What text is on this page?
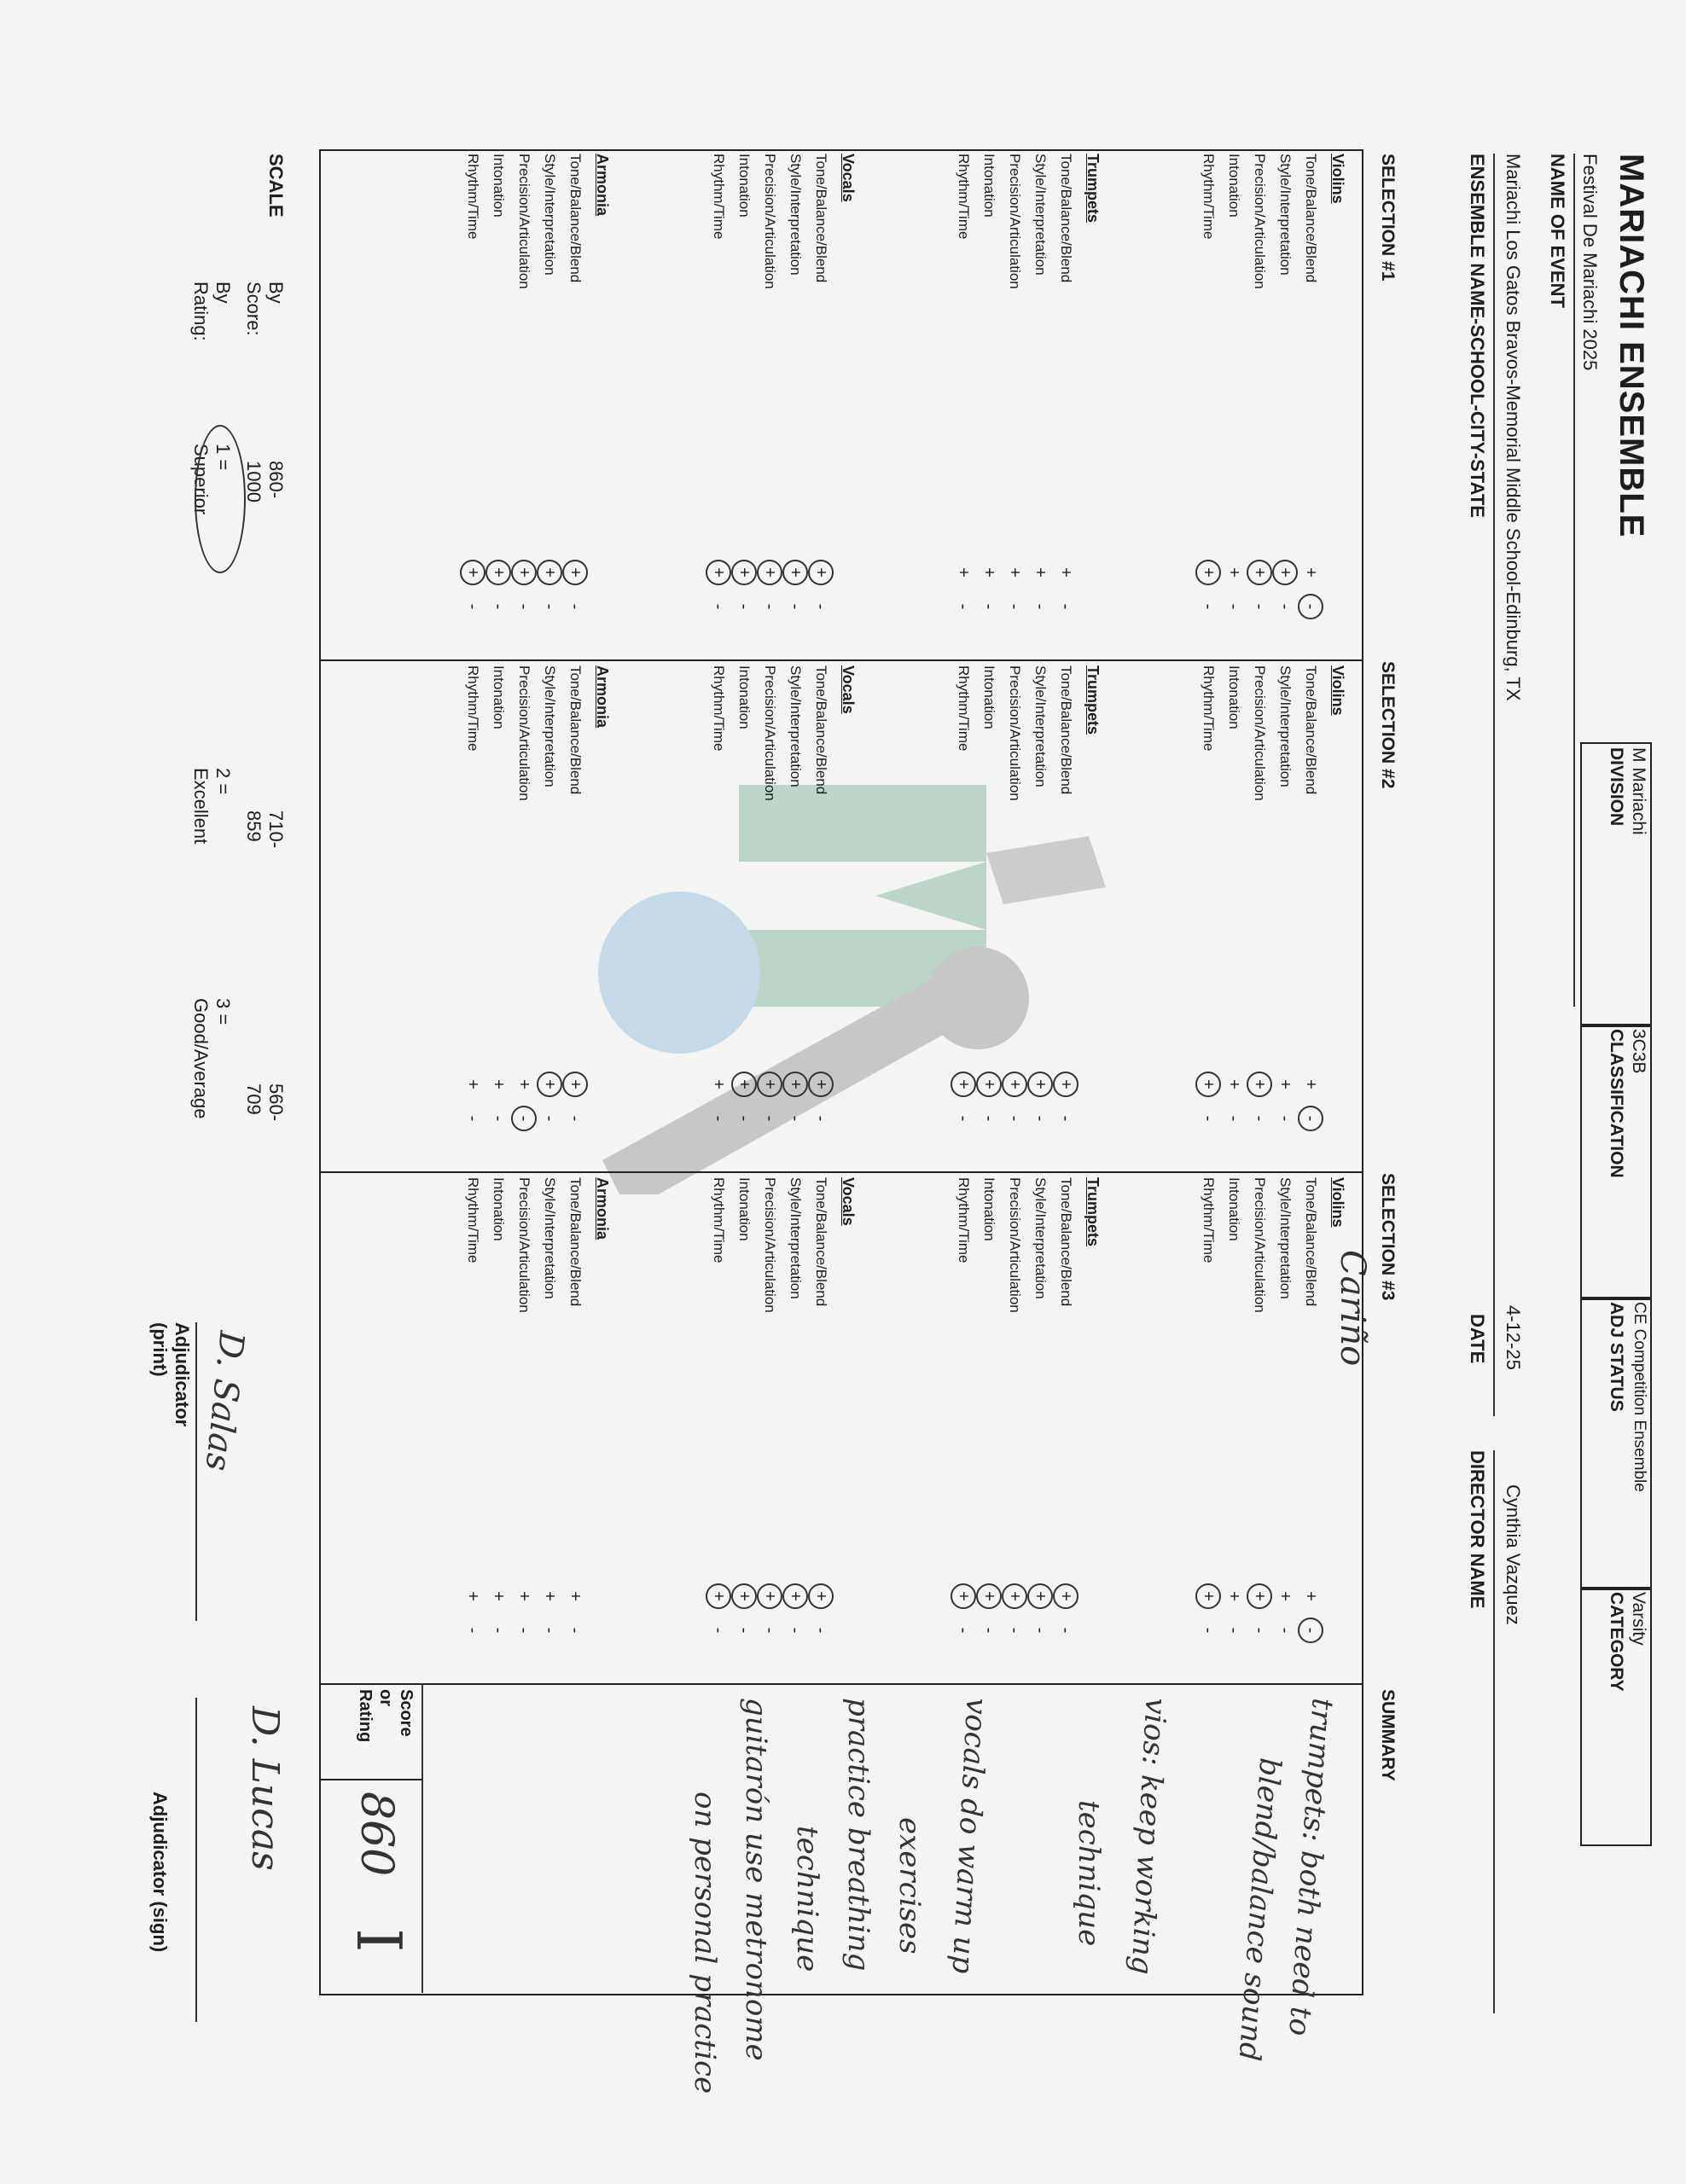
MARIACHI ENSEMBLE
Festival De Mariachi 2025
NAME OF EVENT
Mariachi Los Gatos Bravos-Memorial Middle School-Edinburg, TX
ENSEMBLE NAME-SCHOOL-CITY-STATE
4-12-25
DATE
Cynthia Vazquez
DIRECTOR NAME
M Mariachi
DIVISION
3C3B
CLASSIFICATION
CE Competition Ensemble
ADJ STATUS
Varsity
CATEGORY
SELECTION #1
SELECTION #2
SELECTION #3
SUMMARY
Cariño
Violins
Tone/Balance/Blend
+
-
Style/Interpretation
+
-
Precision/Articulation
+
-
Intonation
+
-
Rhythm/Time
+
-
Trumpets
Tone/Balance/Blend
+
-
Style/Interpretation
+
-
Precision/Articulation
+
-
Intonation
+
-
Rhythm/Time
+
-
Vocals
Tone/Balance/Blend
+
-
Style/Interpretation
+
-
Precision/Articulation
+
-
Intonation
+
-
Rhythm/Time
+
-
Armonia
Tone/Balance/Blend
+
-
Style/Interpretation
+
-
Precision/Articulation
+
-
Intonation
+
-
Rhythm/Time
+
-
Violins
Tone/Balance/Blend
+
-
Style/Interpretation
+
-
Precision/Articulation
+
-
Intonation
+
-
Rhythm/Time
+
-
Trumpets
Tone/Balance/Blend
+
-
Style/Interpretation
+
-
Precision/Articulation
+
-
Intonation
+
-
Rhythm/Time
+
-
Vocals
Tone/Balance/Blend
+
-
Style/Interpretation
+
-
Precision/Articulation
+
-
Intonation
+
-
Rhythm/Time
+
-
Armonia
Tone/Balance/Blend
+
-
Style/Interpretation
+
-
Precision/Articulation
+
-
Intonation
+
-
Rhythm/Time
+
-
Violins
Tone/Balance/Blend
+
-
Style/Interpretation
+
-
Precision/Articulation
+
-
Intonation
+
-
Rhythm/Time
+
-
Trumpets
Tone/Balance/Blend
+
-
Style/Interpretation
+
-
Precision/Articulation
+
-
Intonation
+
-
Rhythm/Time
+
-
Vocals
Tone/Balance/Blend
+
-
Style/Interpretation
+
-
Precision/Articulation
+
-
Intonation
+
-
Rhythm/Time
+
-
Armonia
Tone/Balance/Blend
+
-
Style/Interpretation
+
-
Precision/Articulation
+
-
Intonation
+
-
Rhythm/Time
+
-
trumpets: both need to
blend/balance sound
vios: keep working
technique
vocals do warm up
exercises
practice breathing
technique
guitarón use metronome
on personal practice
Score
or
Rating
860
I
SCALE
By Score:
860-1000
710-859
560-709
By Rating:
1 = Superior
2 = Excellent
3 = Good/Average
D. Salas
Adjudicator
(print)
D. Lucas
Adjudicator (sign)
